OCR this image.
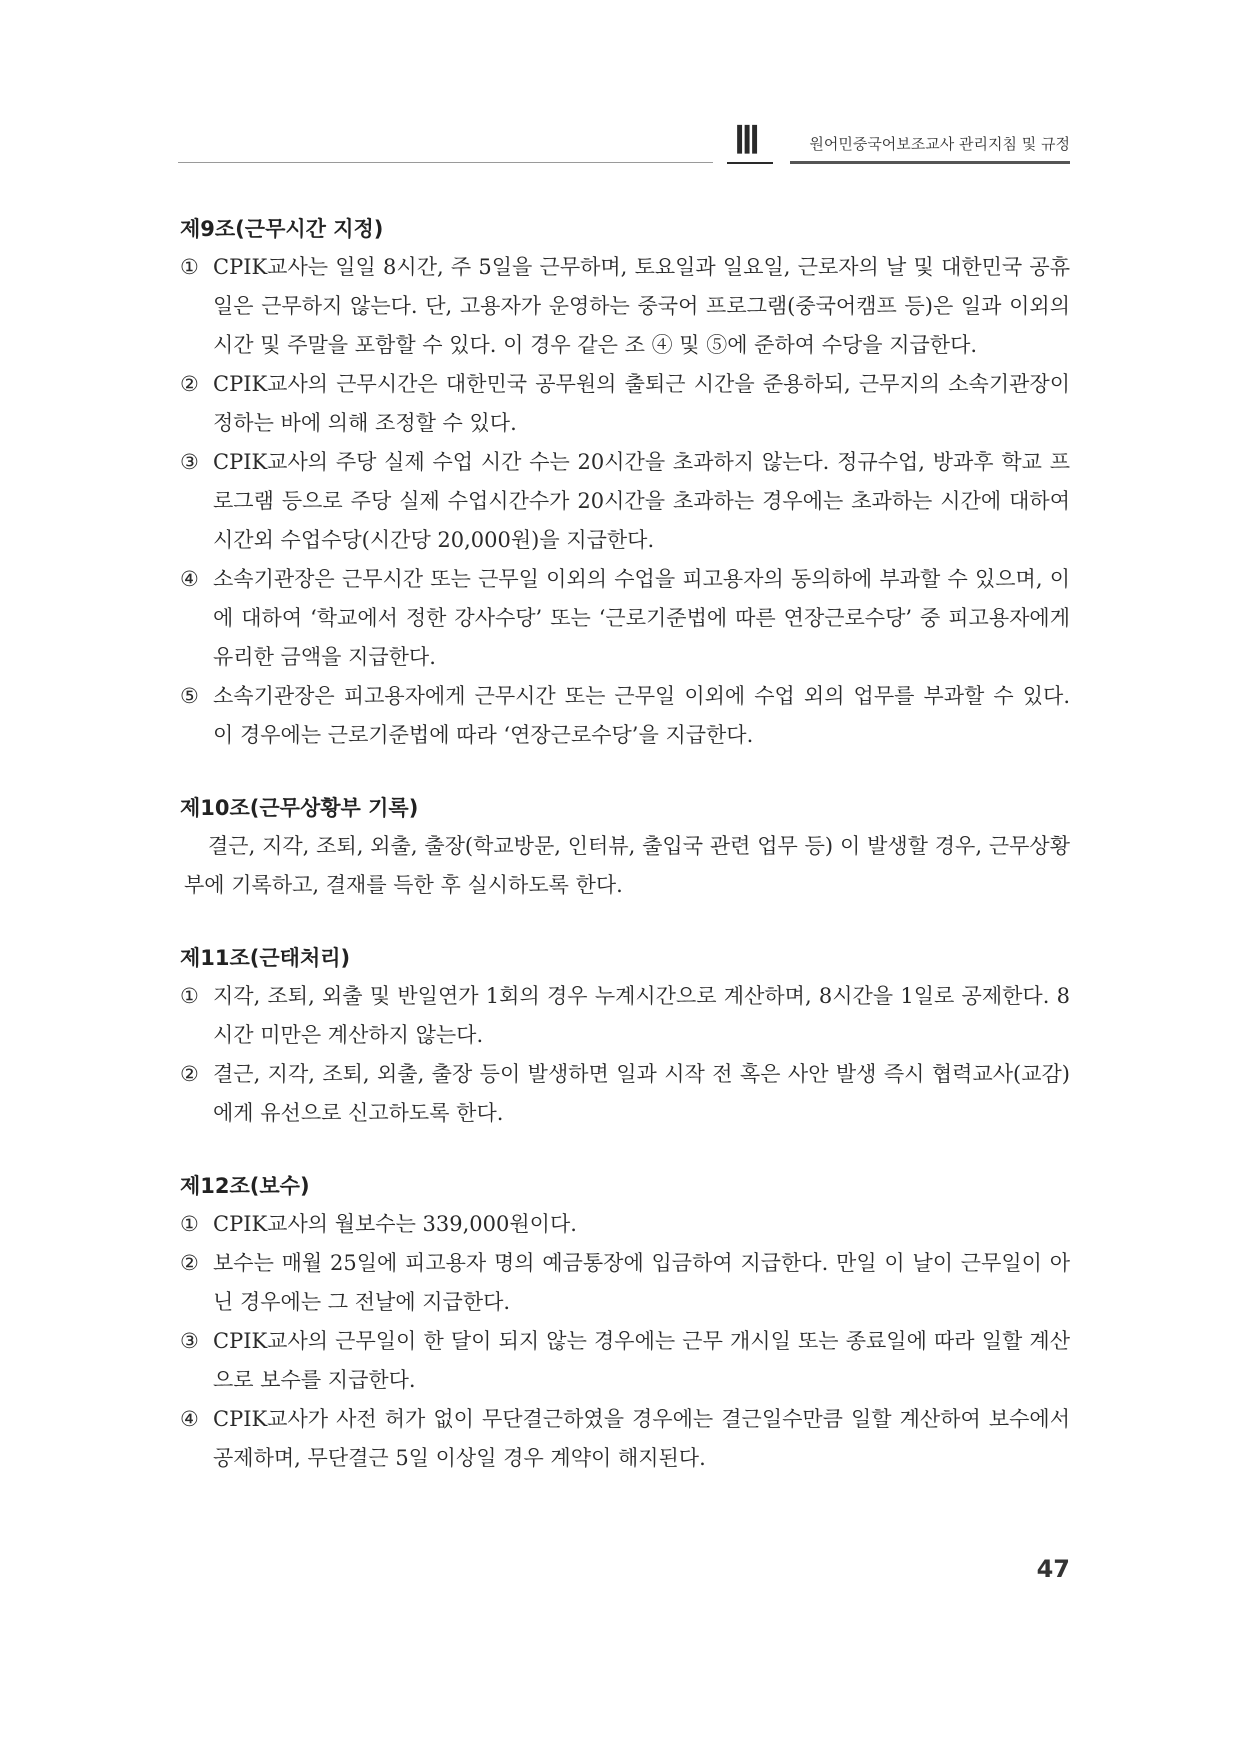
Ⅲ	원어민중국어보조교사 관리지침 및 규정
제9조(근무시간 지정)
① CPIK교사는 일일 8시간, 주 5일을 근무하며, 토요일과 일요일, 근로자의 날 및 대한민국 공휴일은 근무하지 않는다. 단, 고용자가 운영하는 중국어 프로그램(중국어캠프 등)은 일과 이외의 시간 및 주말을 포함할 수 있다. 이 경우 같은 조 ④ 및 ⑤에 준하여 수당을 지급한다.
② CPIK교사의 근무시간은 대한민국 공무원의 출퇴근 시간을 준용하되, 근무지의 소속기관장이 정하는 바에 의해 조정할 수 있다.
③ CPIK교사의 주당 실제 수업 시간 수는 20시간을 초과하지 않는다. 정규수업, 방과후 학교 프로그램 등으로 주당 실제 수업시간수가 20시간을 초과하는 경우에는 초과하는 시간에 대하여 시간외 수업수당(시간당 20,000원)을 지급한다.
④ 소속기관장은 근무시간 또는 근무일 이외의 수업을 피고용자의 동의하에 부과할 수 있으며, 이에 대하여 ‘학교에서 정한 강사수당’ 또는 ‘근로기준법에 따른 연장근로수당’ 중 피고용자에게 유리한 금액을 지급한다.
⑤ 소속기관장은 피고용자에게 근무시간 또는 근무일 이외에 수업 외의 업무를 부과할 수 있다. 이 경우에는 근로기준법에 따라 ‘연장근로수당’을 지급한다.
제10조(근무상황부 기록)
결근, 지각, 조퇴, 외출, 출장(학교방문, 인터뷰, 출입국 관련 업무 등) 이 발생할 경우, 근무상황부에 기록하고, 결재를 득한 후 실시하도록 한다.
제11조(근태처리)
① 지각, 조퇴, 외출 및 반일연가 1회의 경우 누계시간으로 계산하며, 8시간을 1일로 공제한다. 8시간 미만은 계산하지 않는다.
② 결근, 지각, 조퇴, 외출, 출장 등이 발생하면 일과 시작 전 혹은 사안 발생 즉시 협력교사(교감)에게 유선으로 신고하도록 한다.
제12조(보수)
① CPIK교사의 월보수는 339,000원이다.
② 보수는 매월 25일에 피고용자 명의 예금통장에 입금하여 지급한다. 만일 이 날이 근무일이 아닌 경우에는 그 전날에 지급한다.
③ CPIK교사의 근무일이 한 달이 되지 않는 경우에는 근무 개시일 또는 종료일에 따라 일할 계산으로 보수를 지급한다.
④ CPIK교사가 사전 허가 없이 무단결근하였을 경우에는 결근일수만큼 일할 계산하여 보수에서 공제하며, 무단결근 5일 이상일 경우 계약이 해지된다.
47
